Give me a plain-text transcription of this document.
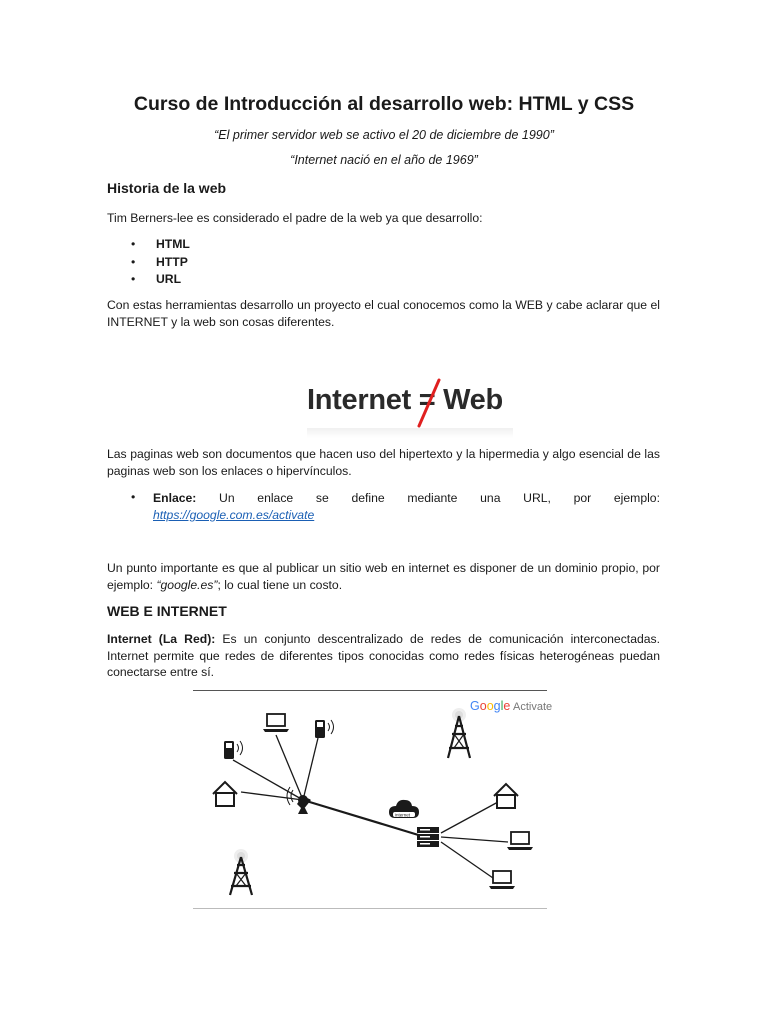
Curso de Introducción al desarrollo web: HTML y CSS
“El primer servidor web se activo el 20 de diciembre de 1990”
“Internet nació en el año de 1969”
Historia de la web

Tim Berners-lee es considerado el padre de la web ya que desarrollo:

• HTML
• HTTP
• URL

Con estas herramientas desarrollo un proyecto el cual conocemos como la WEB y cabe aclarar que el INTERNET y la web son cosas diferentes.

Las paginas web son documentos que hacen uso del hipertexto y la hipermedia y algo esencial de las paginas web son los enlaces o hipervínculos.

• Enlace: Un enlace se define mediante una URL, por ejemplo:
https://google.com.es/activate

Un punto importante es que al publicar un sitio web en internet es disponer de un dominio propio, por ejemplo: “google.es”; lo cual tiene un costo.

WEB E INTERNET

Internet (La Red): Es un conjunto descentralizado de redes de comunicación interconectadas. Internet permite que redes de diferentes tipos conocidas como redes físicas heterogéneas puedan conectarse entre sí.

Internet = Web
Google Activate
internet
